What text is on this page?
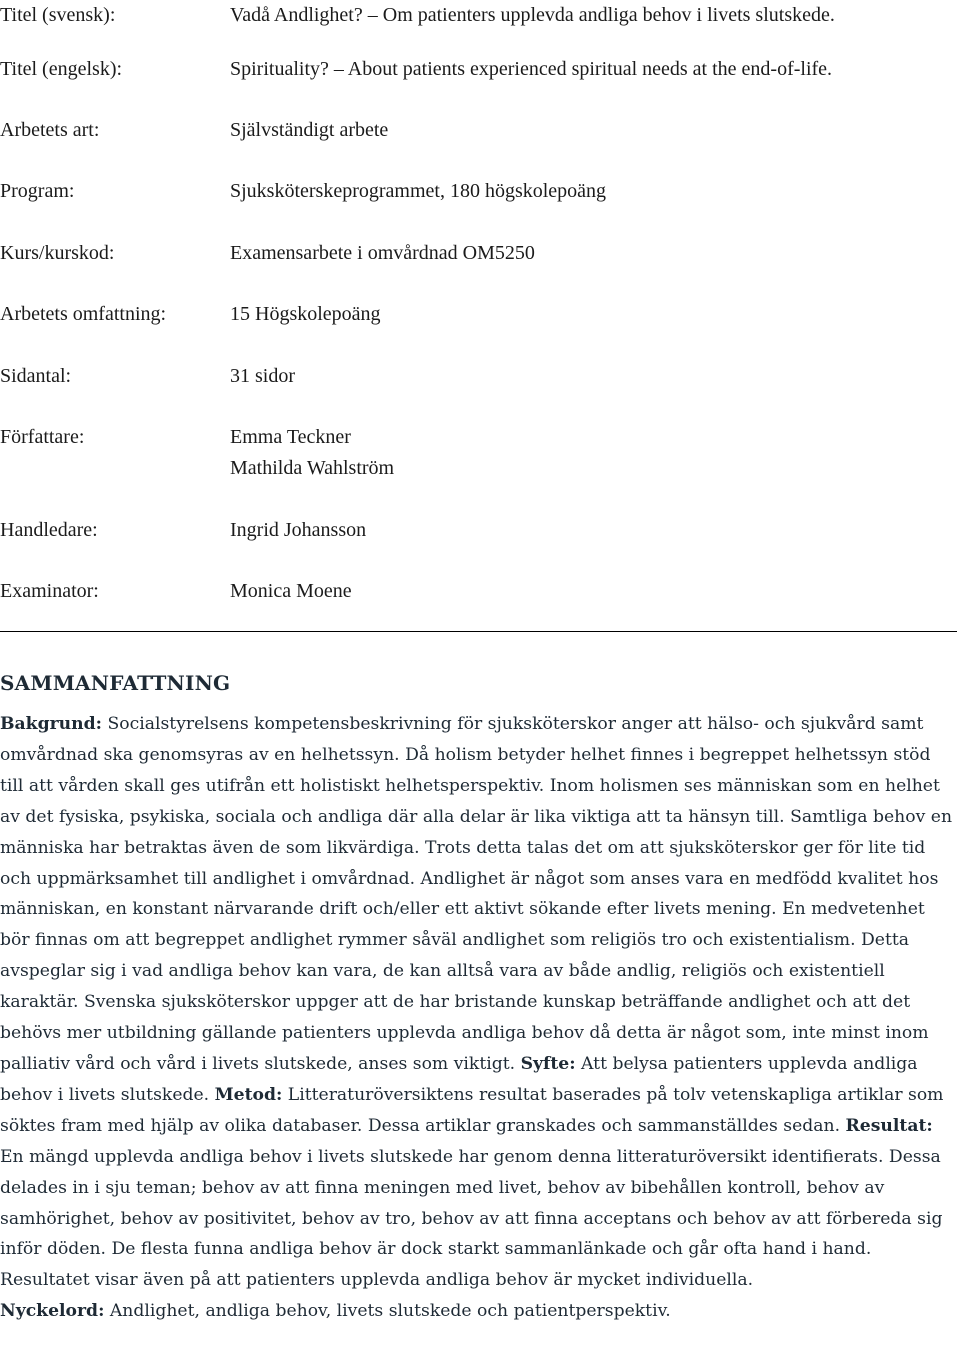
Titel (svensk):	Vadå Andlighet? – Om patienters upplevda andliga behov i livets slutskede.
Titel (engelsk):	Spirituality? – About patients experienced spiritual needs at the end-of-life.
Arbetets art:	Självständigt arbete
Program:	Sjuksköterskeprogrammet, 180 högskolepoäng
Kurs/kurskod:	Examensarbete i omvårdnad OM5250
Arbetets omfattning:	15 Högskolepoäng
Sidantal:	31 sidor
Författare:	Emma Teckner
Mathilda Wahlström
Handledare:	Ingrid Johansson
Examinator:	Monica Moene
SAMMANFATTNING

Bakgrund: Socialstyrelsens kompetensbeskrivning för sjuksköterskor anger att hälso- och sjukvård samt omvårdnad ska genomsyras av en helhetssyn. Då holism betyder helhet finnes i begreppet helhetssyn stöd till att vården skall ges utifrån ett holistiskt helhetsperspektiv. Inom holismen ses människan som en helhet av det fysiska, psykiska, sociala och andliga där alla delar är lika viktiga att ta hänsyn till. Samtliga behov en människa har betraktas även de som likvärdiga. Trots detta talas det om att sjuksköterskor ger för lite tid och uppmärksamhet till andlighet i omvårdnad. Andlighet är något som anses vara en medfödd kvalitet hos människan, en konstant närvarande drift och/eller ett aktivt sökande efter livets mening. En medvetenhet bör finnas om att begreppet andlighet rymmer såväl andlighet som religiös tro och existentialism. Detta avspeglar sig i vad andliga behov kan vara, de kan alltså vara av både andlig, religiös och existentiell karaktär. Svenska sjuksköterskor uppger att de har bristande kunskap beträffande andlighet och att det behövs mer utbildning gällande patienters upplevda andliga behov då detta är något som, inte minst inom palliativ vård och vård i livets slutskede, anses som viktigt. Syfte: Att belysa patienters upplevda andliga behov i livets slutskede. Metod: Litteraturöversiktens resultat baserades på tolv vetenskapliga artiklar som söktes fram med hjälp av olika databaser. Dessa artiklar granskades och sammanställdes sedan. Resultat: En mängd upplevda andliga behov i livets slutskede har genom denna litteraturöversikt identifierats. Dessa delades in i sju teman; behov av att finna meningen med livet, behov av bibehållen kontroll, behov av samhörighet, behov av positivitet, behov av tro, behov av att finna acceptans och behov av att förbereda sig inför döden. De flesta funna andliga behov är dock starkt sammanlänkade och går ofta hand i hand. Resultatet visar även på att patienters upplevda andliga behov är mycket individuella.
Nyckelord: Andlighet, andliga behov, livets slutskede och patientperspektiv.
